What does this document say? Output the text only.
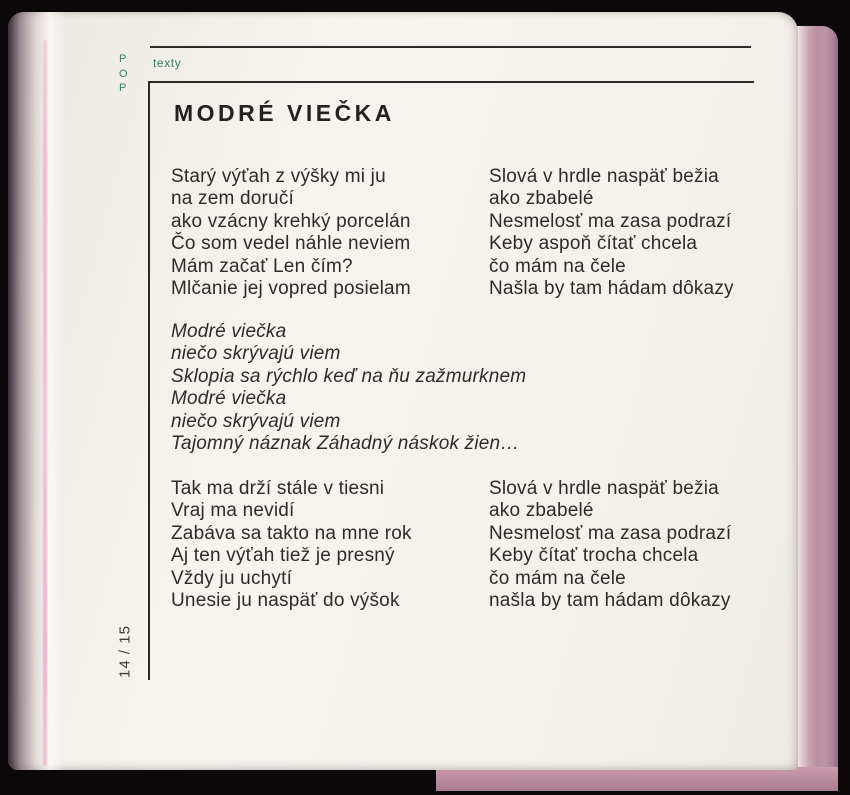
P
O
P
texty
MODRÉ VIEČKA
Starý výťah z výšky mi ju
na zem doručí
ako vzácny krehký porcelán
Čo som vedel náhle neviem
Mám začať Len čím?
Mlčanie jej vopred posielam
Slová v hrdle naspäť bežia
ako zbabelé
Nesmelosť ma zasa podrazí
Keby aspoň čítať chcela
čo mám na čele
Našla by tam hádam dôkazy
Modré viečka
niečo skrývajú viem
Sklopia sa rýchlo keď na ňu zažmurknem
Modré viečka
niečo skrývajú viem
Tajomný náznak Záhadný náskok žien…
Tak ma drží stále v tiesni
Vraj ma nevidí
Zabáva sa takto na mne rok
Aj ten výťah tiež je presný
Vždy ju uchytí
Unesie ju naspäť do výšok
Slová v hrdle naspäť bežia
ako zbabelé
Nesmelosť ma zasa podrazí
Keby čítať trocha chcela
čo mám na čele
našla by tam hádam dôkazy
14 / 15
